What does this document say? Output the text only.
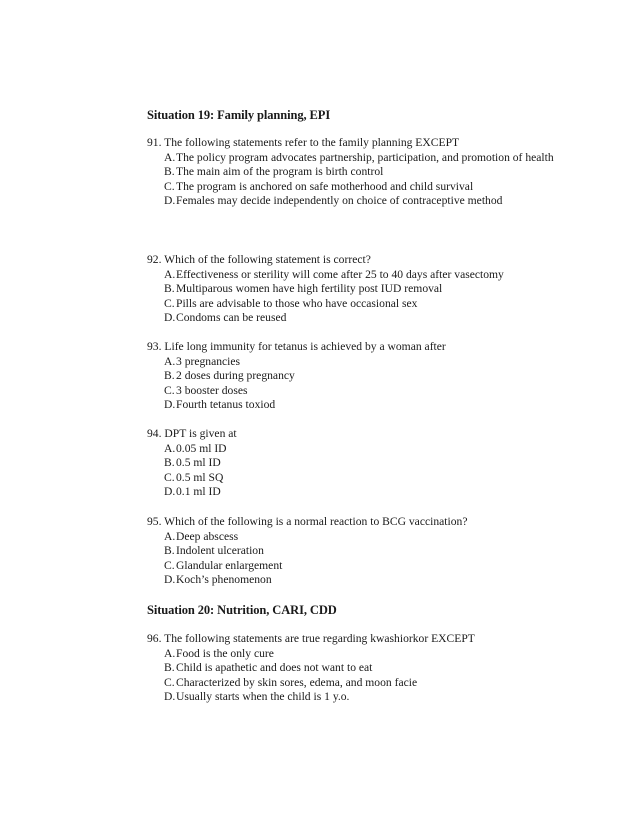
Situation 19: Family planning, EPI
91. The following statements refer to the family planning EXCEPT
A.The policy program advocates partnership, participation, and promotion of health
B.The main aim of the program is birth control
C.The program is anchored on safe motherhood and child survival
D.Females may decide independently on choice of contraceptive method
92. Which of the following statement is correct?
A.Effectiveness or sterility will come after 25 to 40 days after vasectomy
B.Multiparous women have high fertility post IUD removal
C.Pills are advisable to those who have occasional sex
D.Condoms can be reused
93. Life long immunity for tetanus is achieved by a woman after
A.3 pregnancies
B.2 doses during pregnancy
C.3 booster doses
D.Fourth tetanus toxiod
94. DPT is given at
A.0.05 ml ID
B.0.5 ml ID
C.0.5 ml SQ
D.0.1 ml ID
95. Which of the following is a normal reaction to BCG vaccination?
A.Deep abscess
B.Indolent ulceration
C.Glandular enlargement
D.Koch’s phenomenon
Situation 20: Nutrition, CARI, CDD
96. The following statements are true regarding kwashiorkor EXCEPT
A.Food is the only cure
B.Child is apathetic and does not want to eat
C.Characterized by skin sores, edema, and moon facie
D.Usually starts when the child is 1 y.o.
